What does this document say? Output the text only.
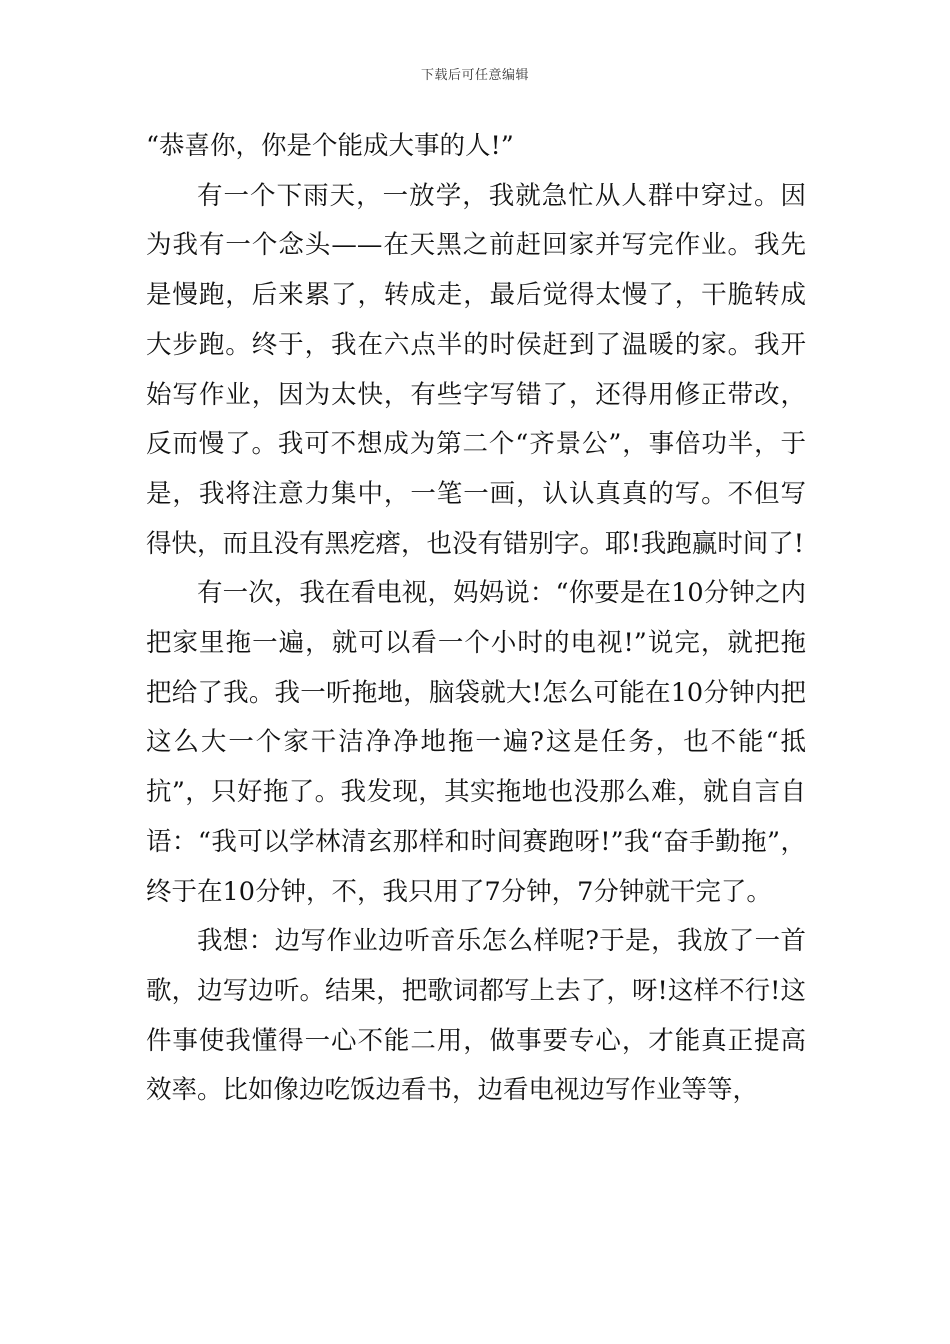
下载后可任意编辑

“恭喜你，你是个能成大事的人!”

有一个下雨天，一放学，我就急忙从人群中穿过。因为我有一个念头——在天黑之前赶回家并写完作业。我先是慢跑，后来累了，转成走，最后觉得太慢了，干脆转成大步跑。终于，我在六点半的时侯赶到了温暖的家。我开始写作业，因为太快，有些字写错了，还得用修正带改，反而慢了。我可不想成为第二个“齐景公”，事倍功半，于是，我将注意力集中，一笔一画，认认真真的写。不但写得快，而且没有黑疙瘩，也没有错别字。耶!我跑赢时间了!

有一次，我在看电视，妈妈说：“你要是在10分钟之内把家里拖一遍，就可以看一个小时的电视!”说完，就把拖把给了我。我一听拖地，脑袋就大!怎么可能在10分钟内把这么大一个家干洁净净地拖一遍?这是任务，也不能“抵抗”，只好拖了。我发现，其实拖地也没那么难，就自言自语：“我可以学林清玄那样和时间赛跑呀!”我“奋手勤拖”，终于在10分钟，不，我只用了7分钟，7分钟就干完了。

我想：边写作业边听音乐怎么样呢?于是，我放了一首歌，边写边听。结果，把歌词都写上去了，呀!这样不行!这件事使我懂得一心不能二用，做事要专心，才能真正提高效率。比如像边吃饭边看书，边看电视边写作业等等，
